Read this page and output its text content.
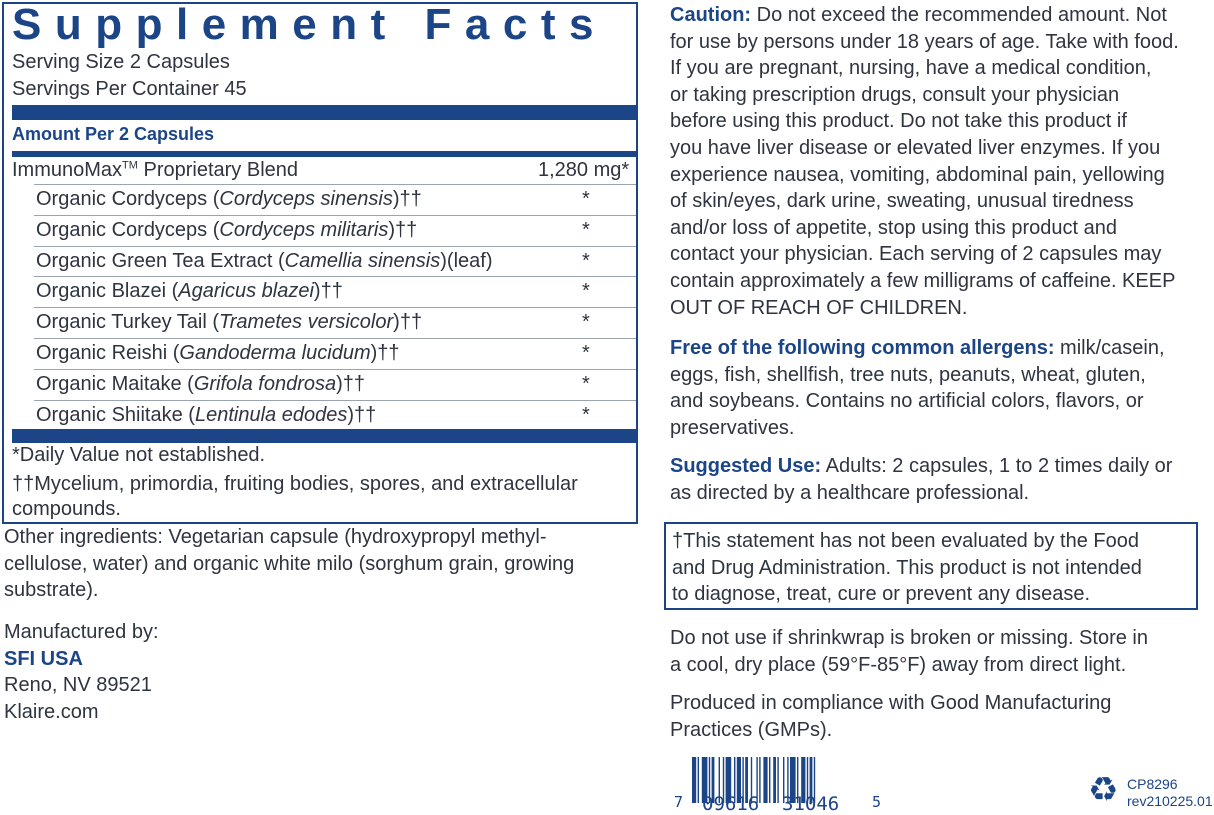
Supplement Facts
Serving Size 2 Capsules
Servings Per Container 45
Amount Per 2 Capsules
ImmunoMax™ Proprietary Blend	1,280 mg*
Organic Cordyceps (Cordyceps sinensis)††	*
Organic Cordyceps (Cordyceps militaris)††	*
Organic Green Tea Extract (Camellia sinensis)(leaf)	*
Organic Blazei (Agaricus blazei)††	*
Organic Turkey Tail (Trametes versicolor)††	*
Organic Reishi (Gandoderma lucidum)††	*
Organic Maitake (Grifola fondrosa)††	*
Organic Shiitake (Lentinula edodes)††	*
*Daily Value not established.
††Mycelium, primordia, fruiting bodies, spores, and extracellular
compounds.
Other ingredients: Vegetarian capsule (hydroxypropyl methyl-
cellulose, water) and organic white milo (sorghum grain, growing
substrate).
Manufactured by:
SFI USA
Reno, NV 89521
Klaire.com
Caution: Do not exceed the recommended amount. Not
for use by persons under 18 years of age. Take with food.
If you are pregnant, nursing, have a medical condition,
or taking prescription drugs, consult your physician
before using this product. Do not take this product if
you have liver disease or elevated liver enzymes. If you
experience nausea, vomiting, abdominal pain, yellowing
of skin/eyes, dark urine, sweating, unusual tiredness
and/or loss of appetite, stop using this product and
contact your physician. Each serving of 2 capsules may
contain approximately a few milligrams of caffeine. KEEP
OUT OF REACH OF CHILDREN.
Free of the following common allergens: milk/casein,
eggs, fish, shellfish, tree nuts, peanuts, wheat, gluten,
and soybeans. Contains no artificial colors, flavors, or
preservatives.
Suggested Use: Adults: 2 capsules, 1 to 2 times daily or
as directed by a healthcare professional.
†This statement has not been evaluated by the Food
and Drug Administration. This product is not intended
to diagnose, treat, cure or prevent any disease.
Do not use if shrinkwrap is broken or missing. Store in
a cool, dry place (59°F-85°F) away from direct light.
Produced in compliance with Good Manufacturing
Practices (GMPs).
7 09616 31046 5	♻ CP8296
rev210225.01
